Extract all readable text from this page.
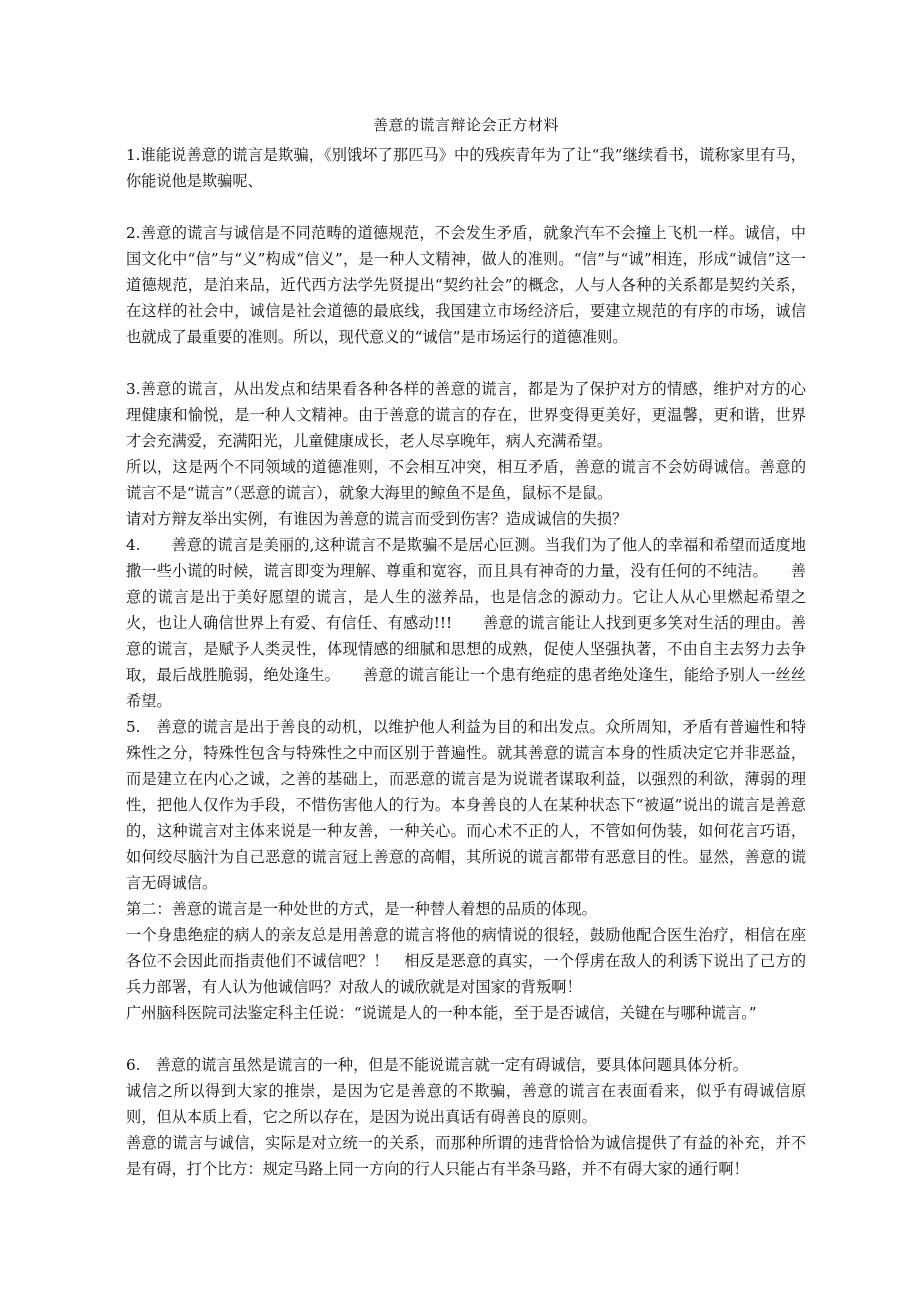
善意的谎言辩论会正方材料

1.谁能说善意的谎言是欺骗，《别饿坏了那匹马》中的残疾青年为了让“我”继续看书，谎称家里有马，你能说他是欺骗呢、

2.善意的谎言与诚信是不同范畴的道德规范，不会发生矛盾，就象汽车不会撞上飞机一样。诚信，中国文化中“信”与“义”构成“信义”，是一种人文精神，做人的准则。“信”与“诚”相连，形成“诚信”这一道德规范，是泊来品，近代西方法学先贤提出“契约社会”的概念，人与人各种的关系都是契约关系，在这样的社会中，诚信是社会道德的最底线，我国建立市场经济后，要建立规范的有序的市场，诚信也就成了最重要的准则。所以，现代意义的“诚信”是市场运行的道德准则。

3.善意的谎言，从出发点和结果看各种各样的善意的谎言，都是为了保护对方的情感，维护对方的心理健康和愉悦，是一种人文精神。由于善意的谎言的存在，世界变得更美好，更温馨，更和谐，世界才会充满爱，充满阳光，儿童健康成长，老人尽享晚年，病人充满希望。

所以，这是两个不同领域的道德准则，不会相互冲突，相互矛盾，善意的谎言不会妨碍诚信。善意的谎言不是“谎言”（恶意的谎言），就象大海里的鲸鱼不是鱼，鼠标不是鼠。

请对方辩友举出实例，有谁因为善意的谎言而受到伤害？造成诚信的失损？

4.　　善意的谎言是美丽的,这种谎言不是欺骗不是居心叵测。当我们为了他人的幸福和希望而适度地撒一些小谎的时候，谎言即变为理解、尊重和宽容，而且具有神奇的力量，没有任何的不纯洁。　　善意的谎言是出于美好愿望的谎言，是人生的滋养品，也是信念的源动力。它让人从心里燃起希望之火，也让人确信世界上有爱、有信任、有感动!!!　　善意的谎言能让人找到更多笑对生活的理由。善意的谎言，是赋予人类灵性，体现情感的细腻和思想的成熟，促使人坚强执著，不由自主去努力去争取，最后战胜脆弱，绝处逢生。　　善意的谎言能让一个患有绝症的患者绝处逢生，能给予别人一丝丝希望。

5.　善意的谎言是出于善良的动机，以维护他人利益为目的和出发点。众所周知，矛盾有普遍性和特殊性之分，特殊性包含与特殊性之中而区别于普遍性。就其善意的谎言本身的性质决定它并非恶益，而是建立在内心之诚，之善的基础上，而恶意的谎言是为说谎者谋取利益，以强烈的利欲，薄弱的理性，把他人仅作为手段，不惜伤害他人的行为。本身善良的人在某种状态下“被逼”说出的谎言是善意的，这种谎言对主体来说是一种友善，一种关心。而心术不正的人，不管如何伪装，如何花言巧语，如何绞尽脑汁为自己恶意的谎言冠上善意的高帽，其所说的谎言都带有恶意目的性。显然，善意的谎言无碍诚信。

第二：善意的谎言是一种处世的方式，是一种替人着想的品质的体现。

一个身患绝症的病人的亲友总是用善意的谎言将他的病情说的很轻，鼓励他配合医生治疗，相信在座各位不会因此而指责他们不诚信吧？！　相反是恶意的真实，一个俘虏在敌人的利诱下说出了己方的兵力部署，有人认为他诚信吗？对敌人的诚欣就是对国家的背叛啊！

广州脑科医院司法鉴定科主任说：“说谎是人的一种本能，至于是否诚信，关键在与哪种谎言。”

6.　善意的谎言虽然是谎言的一种，但是不能说谎言就一定有碍诚信，要具体问题具体分析。

诚信之所以得到大家的推崇，是因为它是善意的不欺骗，善意的谎言在表面看来，似乎有碍诚信原则，但从本质上看，它之所以存在，是因为说出真话有碍善良的原则。

善意的谎言与诚信，实际是对立统一的关系，而那种所谓的违背恰恰为诚信提供了有益的补充，并不是有碍，打个比方：规定马路上同一方向的行人只能占有半条马路，并不有碍大家的通行啊！
